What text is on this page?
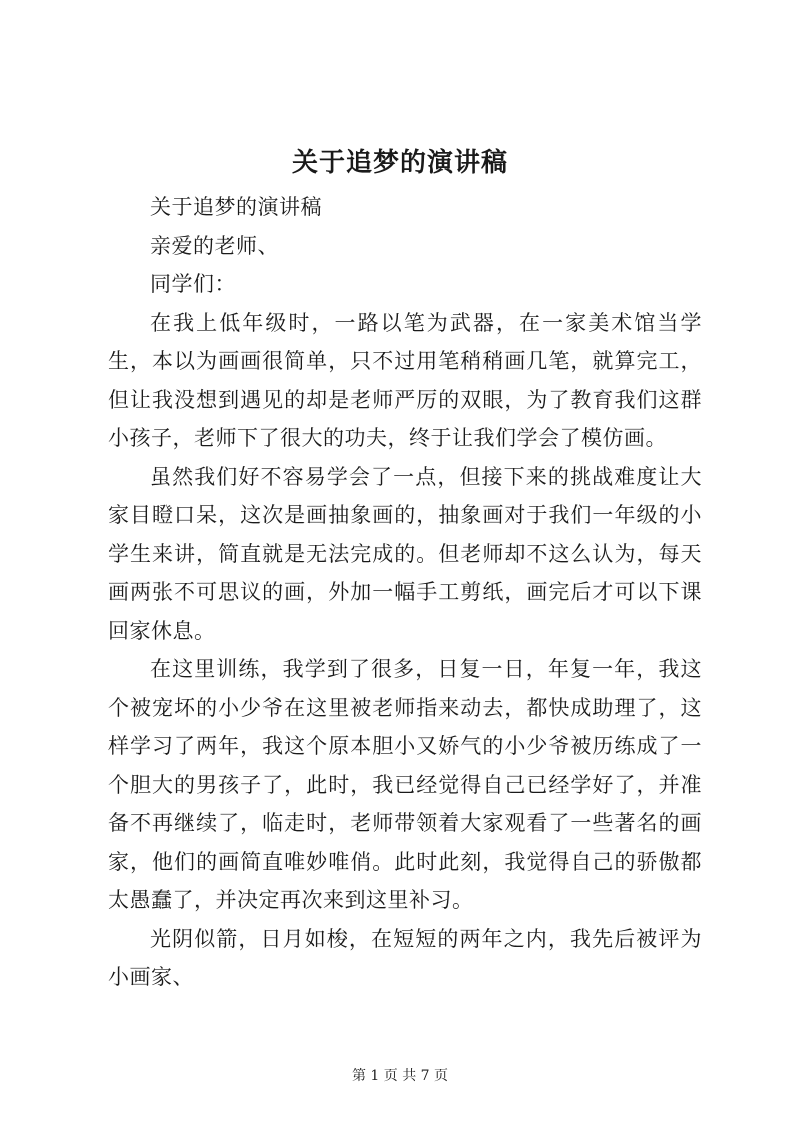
关于追梦的演讲稿

关于追梦的演讲稿

亲爱的老师、

同学们：

在我上低年级时，一路以笔为武器，在一家美术馆当学生，本以为画画很简单，只不过用笔稍稍画几笔，就算完工，但让我没想到遇见的却是老师严厉的双眼，为了教育我们这群小孩子，老师下了很大的功夫，终于让我们学会了模仿画。

虽然我们好不容易学会了一点，但接下来的挑战难度让大家目瞪口呆，这次是画抽象画的，抽象画对于我们一年级的小学生来讲，简直就是无法完成的。但老师却不这么认为，每天画两张不可思议的画，外加一幅手工剪纸，画完后才可以下课回家休息。

在这里训练，我学到了很多，日复一日，年复一年，我这个被宠坏的小少爷在这里被老师指来动去，都快成助理了，这样学习了两年，我这个原本胆小又娇气的小少爷被历练成了一个胆大的男孩子了，此时，我已经觉得自己已经学好了，并准备不再继续了，临走时，老师带领着大家观看了一些著名的画家，他们的画简直唯妙唯俏。此时此刻，我觉得自己的骄傲都太愚蠢了，并决定再次来到这里补习。

光阴似箭，日月如梭，在短短的两年之内，我先后被评为小画家、

第 1 页 共 7 页
